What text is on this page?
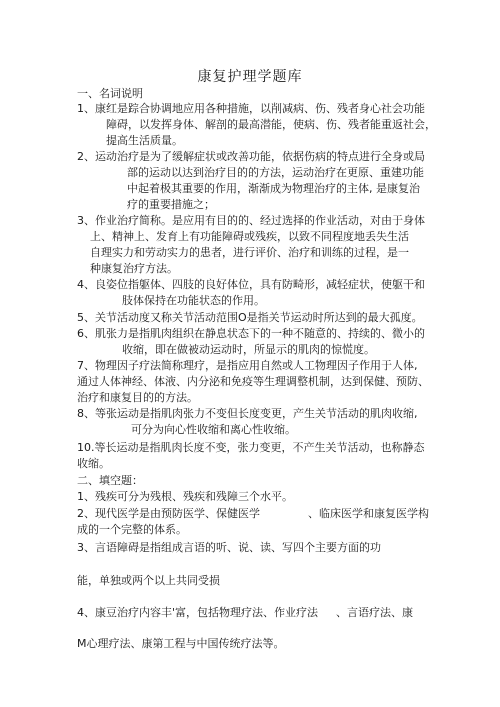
康复护理学题库
一、名词说明
1、康红是踪合协调地应用各种措施，以削减病、伤、残者身心社会功能
障碍，以发挥身体、解剖的最高潜能，使病、伤、残者能重返社会，
提高生活质量。
2、运动治疗是为了缓解症状或改善功能，依据伤病的特点进行全身或局
部的运动以达到治疗目的的方法，运动治疗在更原、重建功能
中起着极其重要的作用，渐渐成为物理治疗的主体, 是康复治
疗的重要措施之；
3、作业治疗简称。是应用有目的的、经过选择的作业活动，对由于身体
上、精神上、发育上有功能障碍或残疾，以致不同程度地丢失生活
自理实力和劳动实力的患者，进行评价、治疗和训练的过程，是一
种康复治疗方法。
4、良姿位指躯体、四肢的良好体位，具有防畸形，减轻症状，使躯干和
肢体保持在功能状态的作用。
5、关节活动度又称关节活动范围O是指关节运动时所达到的最大孤度。
6、肌张力是指肌肉组织在静息状态下的一种不随意的、持续的、微小的
收缩，即在做被动运动时，所显示的肌肉的惊慌度。
7、物理因子疗法简称理疗，是指应用自然或人工物理因子作用于人体,
通过人体神经、体液、内分泌和免疫等生理调整机制，达到保健、预防、
治疗和康复目的的方法。
8、等张运动是指肌肉张力不变但长度变更，产生关节活动的肌肉收缩,
可分为向心性收缩和离心性收缩。
10.等长运动是指肌肉长度不变，张力变更，不产生关节活动，也称静态
收缩。
二、填空题：
1、残疾可分为残根、残疾和残障三个水平。
2、现代医学是由预防医学、保健医学	、临床医学和康复医学构
成的一个完整的体系。
3、言语障碍是指组成言语的听、说、读、写四个主要方面的功
能，单独或两个以上共同受损
4、康豆治疗内容丰'富，包括物理疗法、作业疗法 、言语疗法、康
M心理疗法、康第工程与中国传统疗法等。
